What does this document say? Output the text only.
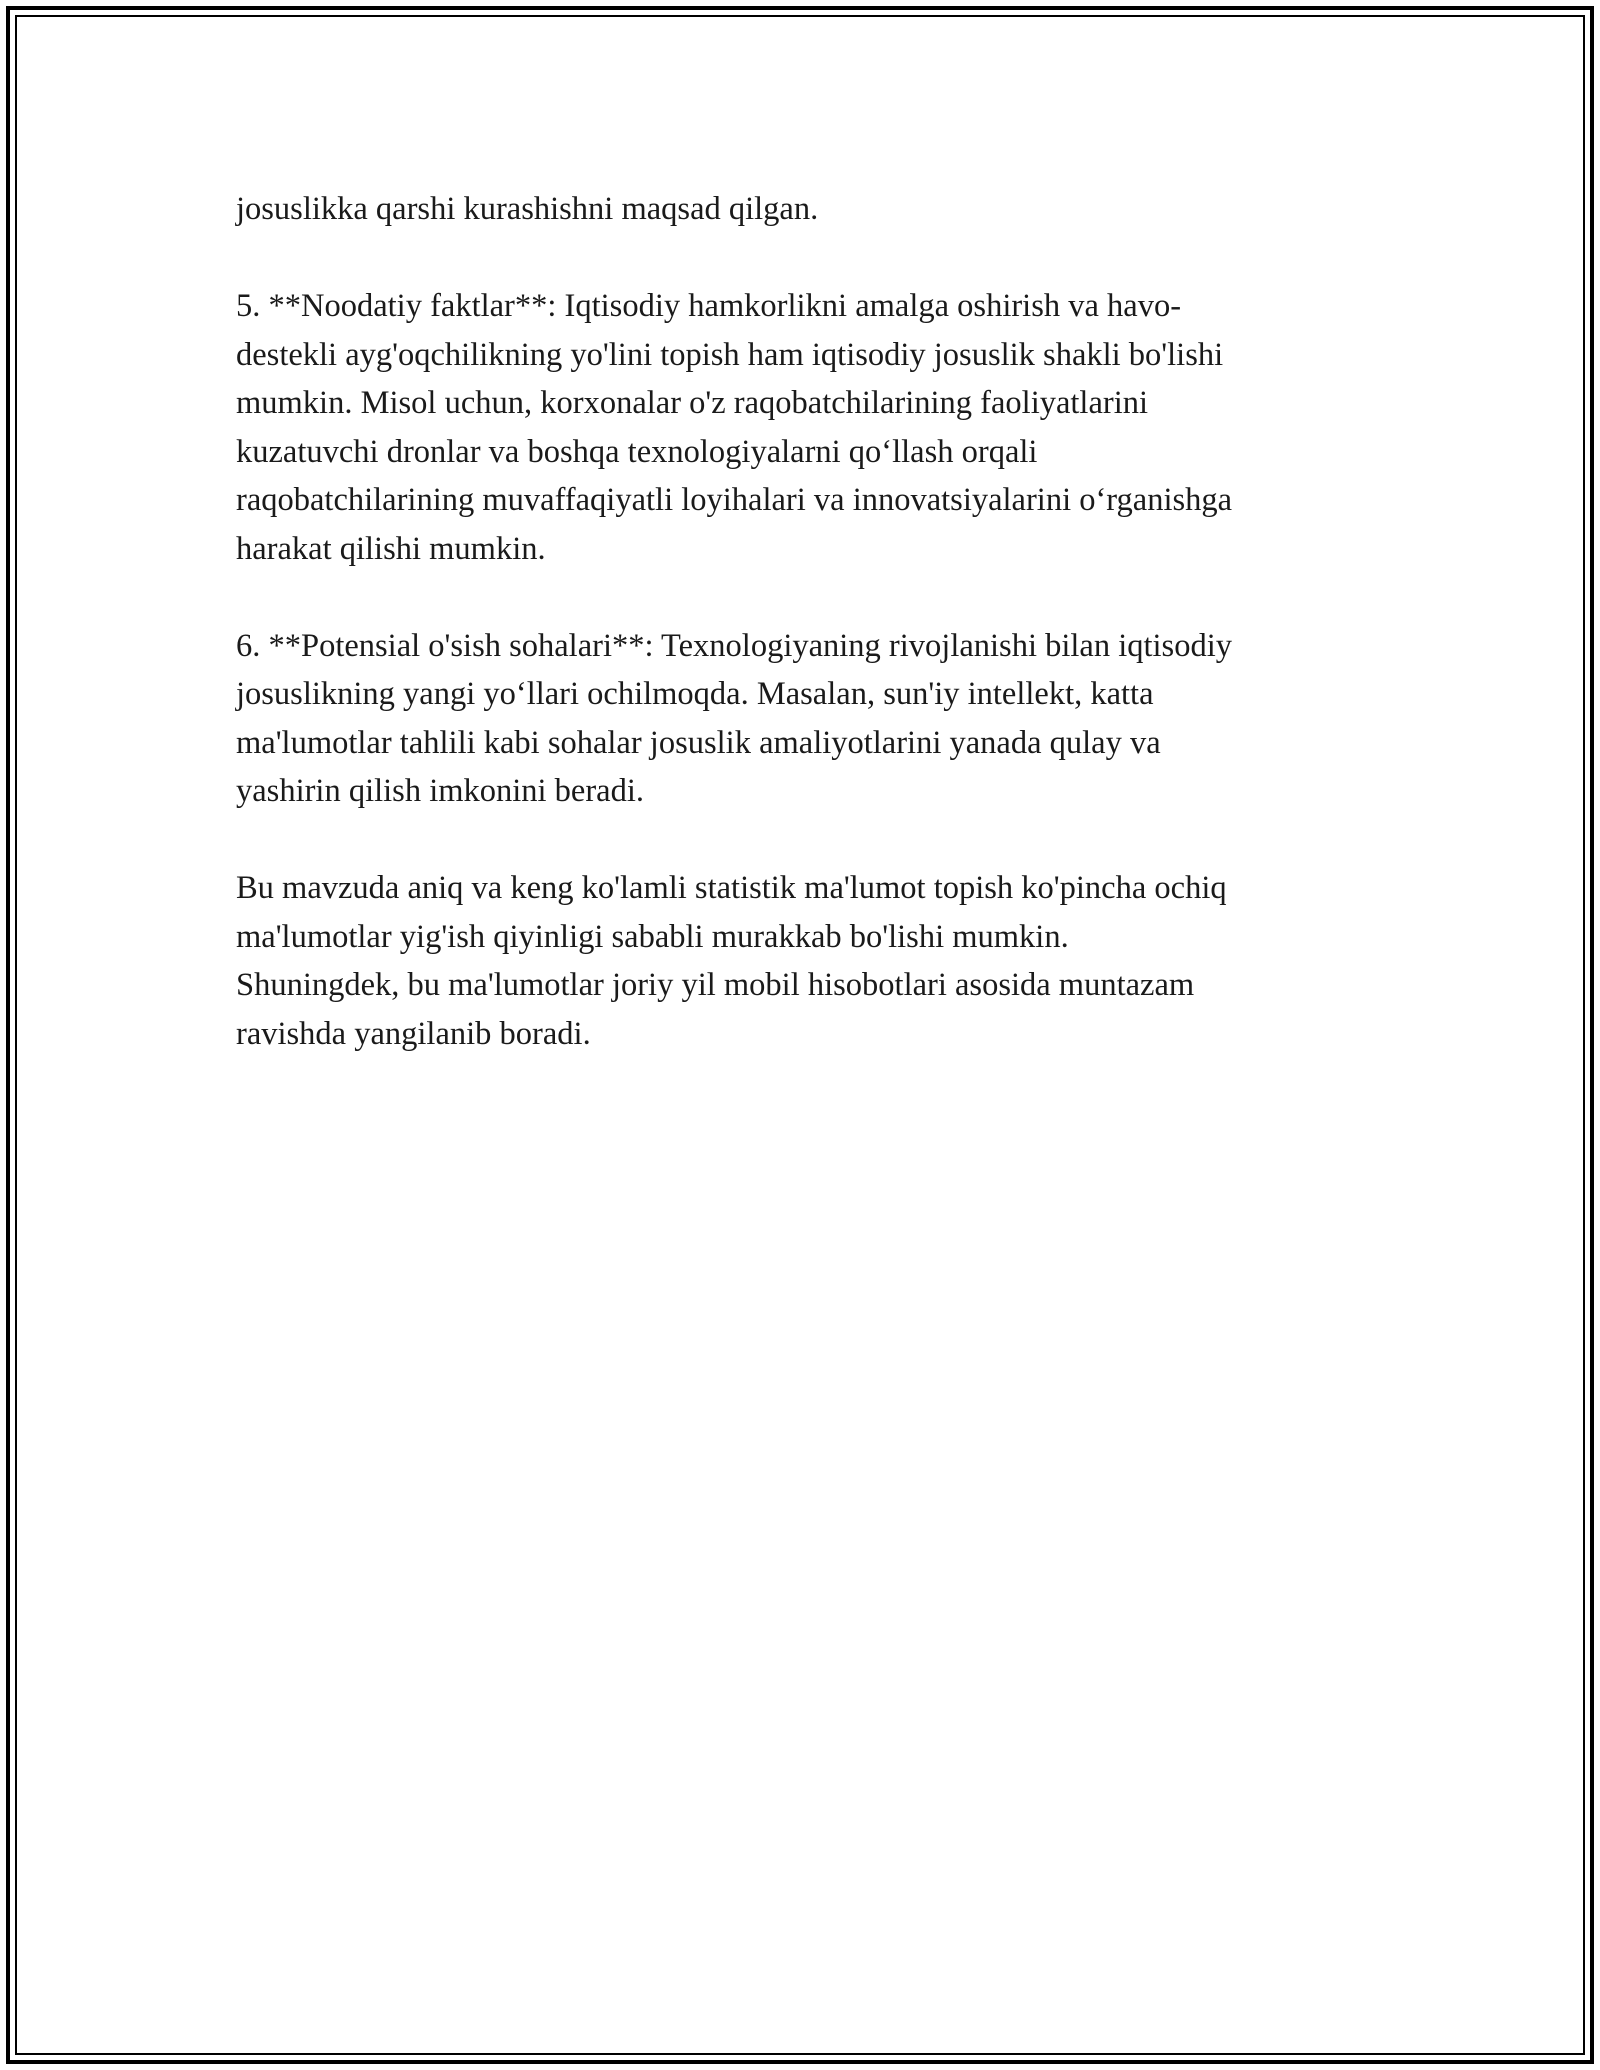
josuslikka qarshi kurashishni maqsad qilgan.

5. **Noodatiy faktlar**: Iqtisodiy hamkorlikni amalga oshirish va havo-
destekli ayg'oqchilikning yo'lini topish ham iqtisodiy josuslik shakli bo'lishi
mumkin. Misol uchun, korxonalar o'z raqobatchilarining faoliyatlarini
kuzatuvchi dronlar va boshqa texnologiyalarni qo‘llash orqali
raqobatchilarining muvaffaqiyatli loyihalari va innovatsiyalarini o‘rganishga
harakat qilishi mumkin.

6. **Potensial o'sish sohalari**: Texnologiyaning rivojlanishi bilan iqtisodiy
josuslikning yangi yo‘llari ochilmoqda. Masalan, sun'iy intellekt, katta
ma'lumotlar tahlili kabi sohalar josuslik amaliyotlarini yanada qulay va
yashirin qilish imkonini beradi.

Bu mavzuda aniq va keng ko'lamli statistik ma'lumot topish ko'pincha ochiq
ma'lumotlar yig'ish qiyinligi sababli murakkab bo'lishi mumkin.
Shuningdek, bu ma'lumotlar joriy yil mobil hisobotlari asosida muntazam
ravishda yangilanib boradi.
